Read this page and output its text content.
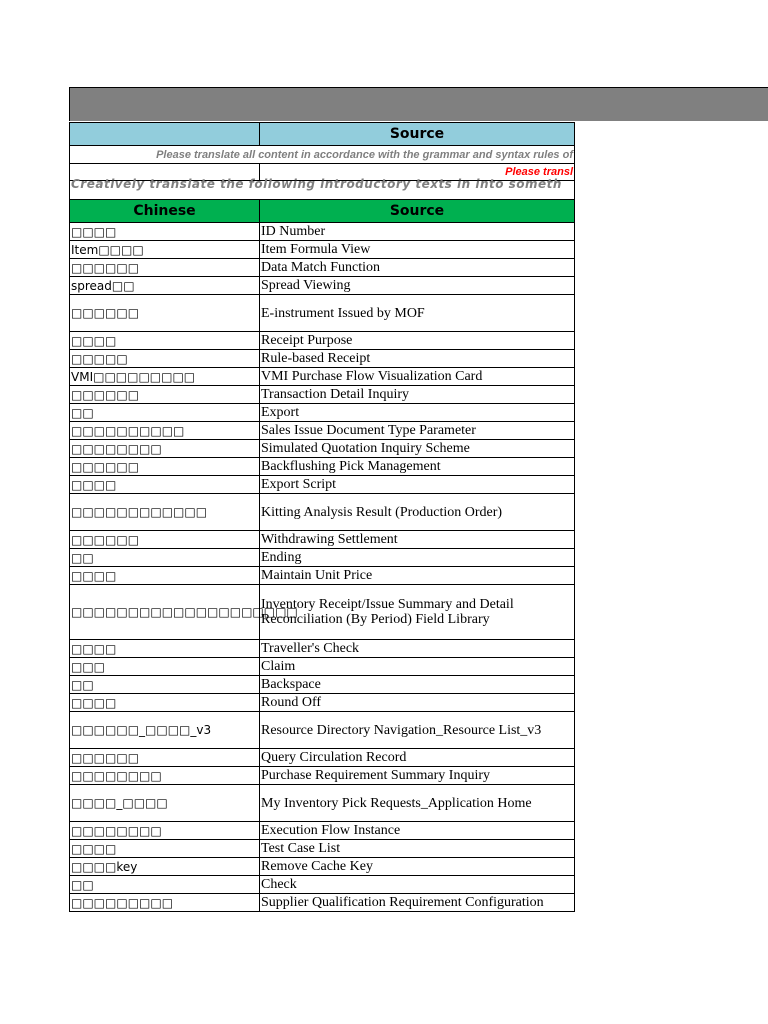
	Source
Please translate all content in accordance with the grammar and syntax rules of	
	Please transl
Creatively translate the following introductory texts in into someth	
Chinese	Source
□□□□	ID Number
Item□□□□	Item Formula View
□□□□□□	Data Match Function
spread□□	Spread Viewing
□□□□□□	E-instrument Issued by MOF
□□□□	Receipt Purpose
□□□□□	Rule-based Receipt
VMI□□□□□□□□□	VMI Purchase Flow Visualization Card
□□□□□□	Transaction Detail Inquiry
□□	Export
□□□□□□□□□□	Sales Issue Document Type Parameter
□□□□□□□□	Simulated Quotation Inquiry Scheme
□□□□□□	Backflushing Pick Management
□□□□	Export Script
□□□□□□□□□□□□	Kitting Analysis Result (Production Order)
□□□□□□	Withdrawing Settlement
□□	Ending
□□□□	Maintain Unit Price
□□□□□□□□□□□□□□□□□□□□	Inventory Receipt/Issue Summary and Detail Reconciliation (By Period) Field Library
□□□□	Traveller's Check
□□□	Claim
□□	Backspace
□□□□	Round Off
□□□□□□_□□□□_v3	Resource Directory Navigation_Resource List_v3
□□□□□□	Query Circulation Record
□□□□□□□□	Purchase Requirement Summary Inquiry
□□□□_□□□□	My Inventory Pick Requests_Application Home
□□□□□□□□	Execution Flow Instance
□□□□	Test Case List
□□□□key	Remove Cache Key
□□	Check
□□□□□□□□□	Supplier Qualification Requirement Configuration
